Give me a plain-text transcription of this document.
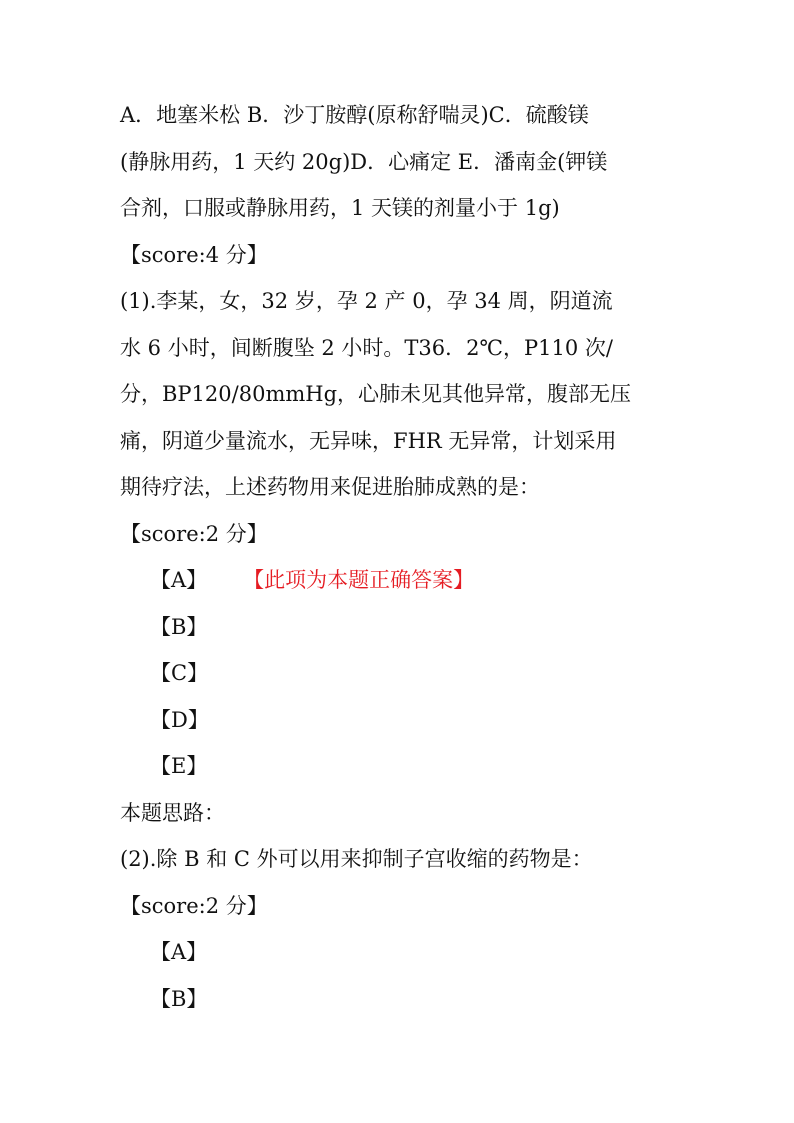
A．地塞米松 B．沙丁胺醇(原称舒喘灵)C．硫酸镁
(静脉用药，1 天约 20g)D．心痛定 E．潘南金(钾镁
合剂，口服或静脉用药，1 天镁的剂量小于 1g)
【score:4 分】
(1).李某，女，32 岁，孕 2 产 0，孕 34 周，阴道流
水 6 小时，间断腹坠 2 小时。T36．2℃，P110 次/
分，BP120/80mmHg，心肺未见其他异常，腹部无压
痛，阴道少量流水，无异味，FHR 无异常，计划采用
期待疗法，上述药物用来促进胎肺成熟的是：
【score:2 分】
【A】 【此项为本题正确答案】
【B】
【C】
【D】
【E】
本题思路：
(2).除 B 和 C 外可以用来抑制子宫收缩的药物是：
【score:2 分】
【A】
【B】
